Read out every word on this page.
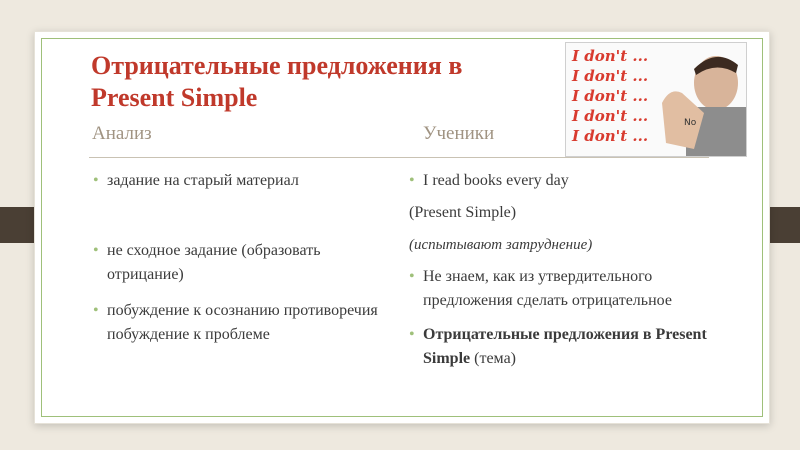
Отрицательные предложения в Present Simple
I don't ...
I don't ...
I don't ...
I don't ...
I don't ...
No
Анализ	Ученики
• задание на старый материал
• не сходное задание (образовать отрицание)
• побуждение к осознанию противоречия побуждение к проблеме
• I read books every day
(Present Simple)
(испытывают затруднение)
• Не знаем, как из утвердительного предложения сделать отрицательное
• Отрицательные предложения в Present Simple (тема)
